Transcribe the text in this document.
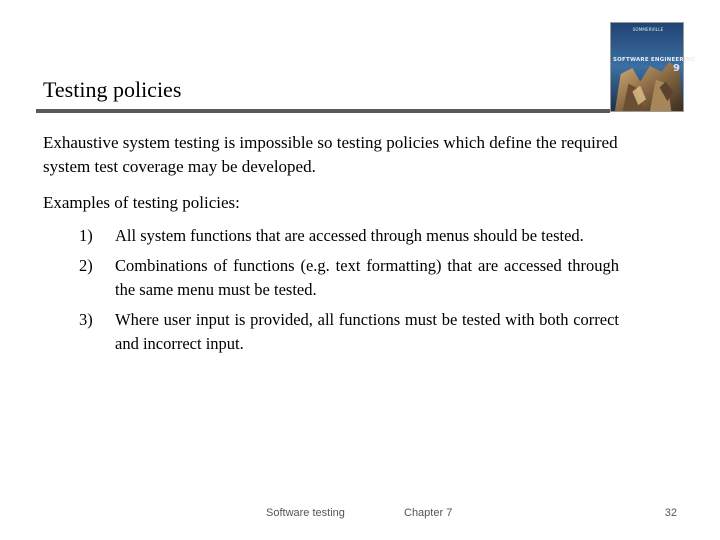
Testing policies
SOMMERVILLE
SOFTWARE ENGINEERING
9

Exhaustive system testing is impossible so testing policies which define the required system test coverage may be developed.

Examples of testing policies:

1) All system functions that are accessed through menus should be tested.
2) Combinations of functions (e.g. text formatting) that are accessed through the same menu must be tested.
3) Where user input is provided, all functions must be tested with both correct and incorrect input.
Software testing	Chapter 7	32
